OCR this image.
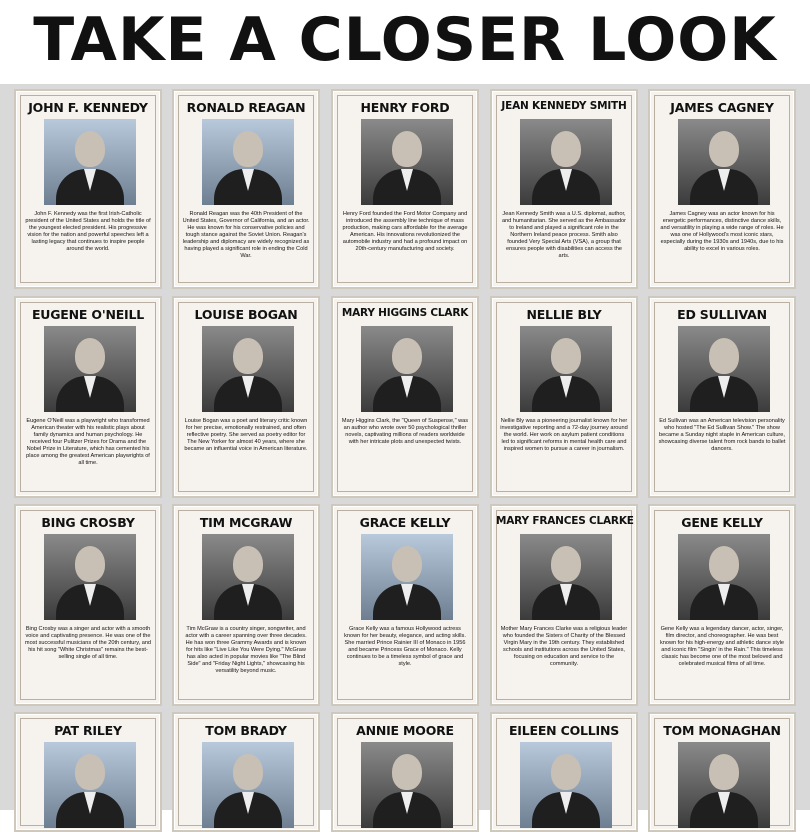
TAKE A CLOSER LOOK
JOHN F. KENNEDY
John F. Kennedy was the first Irish-Catholic president of the United States and holds the title of the youngest elected president. His progressive vision for the nation and powerful speeches left a lasting legacy that continues to inspire people around the world.
RONALD REAGAN
Ronald Reagan was the 40th President of the United States, Governor of California, and an actor. He was known for his conservative policies and tough stance against the Soviet Union. Reagan's leadership and diplomacy are widely recognized as having played a significant role in ending the Cold War.
HENRY FORD
Henry Ford founded the Ford Motor Company and introduced the assembly line technique of mass production, making cars affordable for the average American. His innovations revolutionized the automobile industry and had a profound impact on 20th-century manufacturing and society.
JEAN KENNEDY SMITH
Jean Kennedy Smith was a U.S. diplomat, author, and humanitarian. She served as the Ambassador to Ireland and played a significant role in the Northern Ireland peace process. Smith also founded Very Special Arts (VSA), a group that ensures people with disabilities can access the arts.
JAMES CAGNEY
James Cagney was an actor known for his energetic performances, distinctive dance skills, and versatility in playing a wide range of roles. He was one of Hollywood's most iconic stars, especially during the 1930s and 1940s, due to his ability to excel in various roles.
EUGENE O'NEILL
Eugene O'Neill was a playwright who transformed American theater with his realistic plays about family dynamics and human psychology. He received four Pulitzer Prizes for Drama and the Nobel Prize in Literature, which has cemented his place among the greatest American playwrights of all time.
LOUISE BOGAN
Louise Bogan was a poet and literary critic known for her precise, emotionally restrained, and often reflective poetry. She served as poetry editor for The New Yorker for almost 40 years, where she became an influential voice in American literature.
MARY HIGGINS CLARK
Mary Higgins Clark, the "Queen of Suspense," was an author who wrote over 50 psychological thriller novels, captivating millions of readers worldwide with her intricate plots and unexpected twists.
NELLIE BLY
Nellie Bly was a pioneering journalist known for her investigative reporting and a 72-day journey around the world. Her work on asylum patient conditions led to significant reforms in mental health care and inspired women to pursue a career in journalism.
ED SULLIVAN
Ed Sullivan was an American television personality who hosted "The Ed Sullivan Show." The show became a Sunday night staple in American culture, showcasing diverse talent from rock bands to ballet dancers.
BING CROSBY
Bing Crosby was a singer and actor with a smooth voice and captivating presence. He was one of the most successful musicians of the 20th century, and his hit song "White Christmas" remains the best-selling single of all time.
TIM MCGRAW
Tim McGraw is a country singer, songwriter, and actor with a career spanning over three decades. He has won three Grammy Awards and is known for hits like "Live Like You Were Dying." McGraw has also acted in popular movies like "The Blind Side" and "Friday Night Lights," showcasing his versatility beyond music.
GRACE KELLY
Grace Kelly was a famous Hollywood actress known for her beauty, elegance, and acting skills. She married Prince Rainier III of Monaco in 1956 and became Princess Grace of Monaco. Kelly continues to be a timeless symbol of grace and style.
MARY FRANCES CLARKE
Mother Mary Frances Clarke was a religious leader who founded the Sisters of Charity of the Blessed Virgin Mary in the 19th century. They established schools and institutions across the United States, focusing on education and service to the community.
GENE KELLY
Gene Kelly was a legendary dancer, actor, singer, film director, and choreographer. He was best known for his high-energy and athletic dance style and iconic film "Singin' in the Rain." This timeless classic has become one of the most beloved and celebrated musical films of all time.
PAT RILEY	TOM BRADY	ANNIE MOORE	EILEEN COLLINS	TOM MONAGHAN
